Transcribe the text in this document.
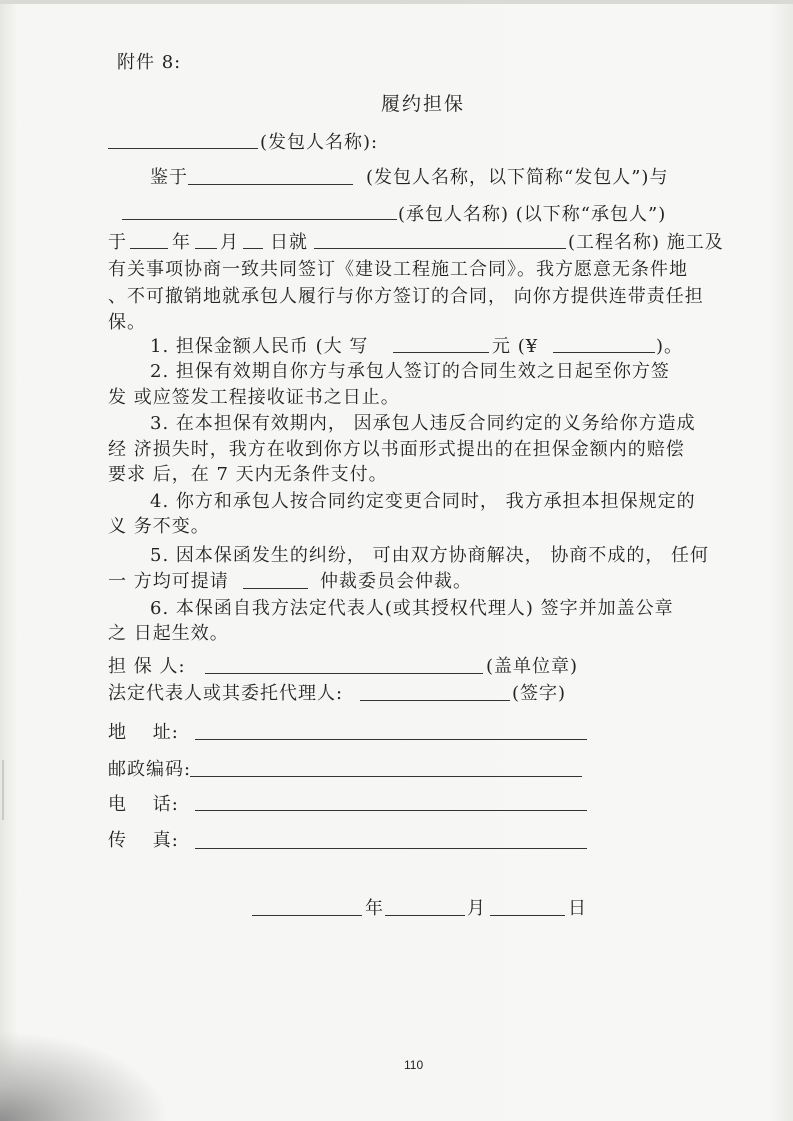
附件 8:
履约担保
(发包人名称):
鉴于	(发包人名称，以下简称“发包人”)与
(承包人名称) (以下称“承包人”)
于	年 月 日就	(工程名称) 施工及
有关事项协商一致共同签订《建设工程施工合同》。我方愿意无条件地
、不可撤销地就承包人履行与你方签订的合同， 向你方提供连带责任担
保。
1. 担保金额人民币 (大 写	元 (¥	)。
2. 担保有效期自你方与承包人签订的合同生效之日起至你方签
发 或应签发工程接收证书之日止。
3. 在本担保有效期内， 因承包人违反合同约定的义务给你方造成
经 济损失时，我方在收到你方以书面形式提出的在担保金额内的赔偿
要求 后，在 7 天内无条件支付。
4. 你方和承包人按合同约定变更合同时， 我方承担本担保规定的
义 务不变。
5. 因本保函发生的纠纷， 可由双方协商解决， 协商不成的， 任何
一 方均可提请	仲裁委员会仲裁。
6. 本保函自我方法定代表人(或其授权代理人) 签字并加盖公章
之 日起生效。
担 保 人:	(盖单位章)
法定代表人或其委托代理人:	(签字)
地　 址:
邮政编码:
电　 话:
传　 真:
年	月	日
110
